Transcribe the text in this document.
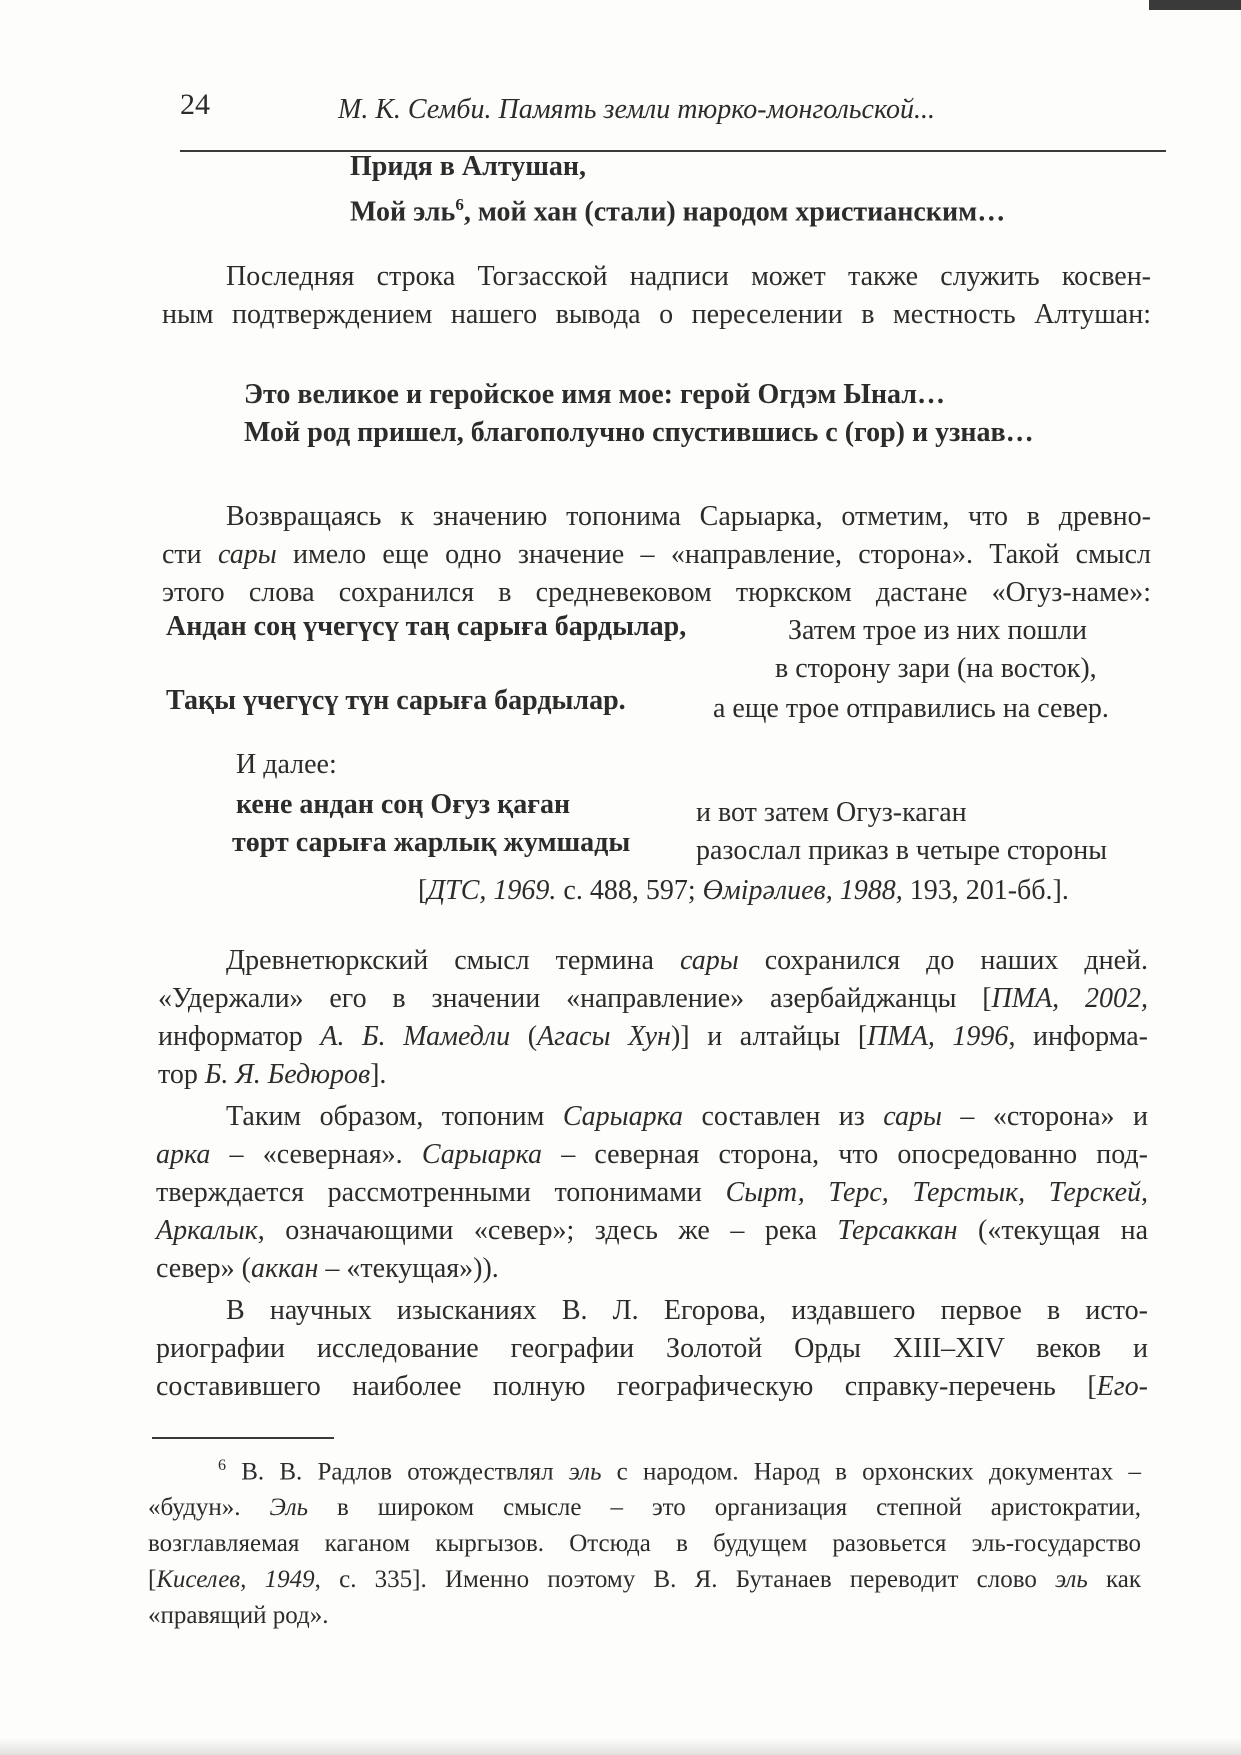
24	М. К. Семби. Память земли тюрко-монгольской...

Придя в Алтушан,

Мой эль$^6$, мой хан (стали) народом христианским…

Последняя строка Тогзасской надписи может также служить косвен-

ным подтверждением нашего вывода о переселении в местность Алтушан:

Это великое и геройское имя мое: герой Огдэм Ынал…

Мой род пришел, благополучно спустившись с (гор) и узнав…

Возвращаясь к значению топонима Сарыарка, отметим, что в древно-

сти сары имело еще одно значение – «направление, сторона». Такой смысл

этого слова сохранился в средневековом тюркском дастане «Огуз-наме»:

Андан соң үчегүсү таң сарыға бардылар,	Затем трое из них пошли
в сторону зари (на восток),
Тақы үчегүсү түн сарыға бардылар.	а еще трое отправились на север.
И далее:
кене андан соң Оғуз қаған	и вот затем Огуз-каган
төрт сарыға жарлық жумшады	разослал приказ в четыре стороны
[ДТС, 1969. с. 488, 597; Өмірәлиев, 1988, 193, 201-бб.].

Древнетюркский смысл термина сары сохранился до наших дней.

«Удержали» его в значении «направление» азербайджанцы [ПМА, 2002,

информатор А. Б. Мамедли (Агасы Хун)] и алтайцы [ПМА, 1996, информа-

тор Б. Я. Бедюров].

Таким образом, топоним Сарыарка составлен из сары – «сторона» и

арка – «северная». Сарыарка – северная сторона, что опосредованно под-

тверждается рассмотренными топонимами Сырт, Терс, Терстык, Терскей,

Аркалык, означающими «север»; здесь же – река Терсаккан («текущая на

север» (аккан – «текущая»)).

В научных изысканиях В. Л. Егорова, издавшего первое в исто-

риографии исследование географии Золотой Орды XIII–XIV веков и

составившего наиболее полную географическую справку-перечень [Его-

$^6$ В. В. Радлов отождествлял эль с народом. Народ в орхонских документах –

«будун». Эль в широком смысле – это организация степной аристократии,

возглавляемая каганом кыргызов. Отсюда в будущем разовьется эль-государство

[Киселев, 1949, с. 335]. Именно поэтому В. Я. Бутанаев переводит слово эль как

«правящий род».
